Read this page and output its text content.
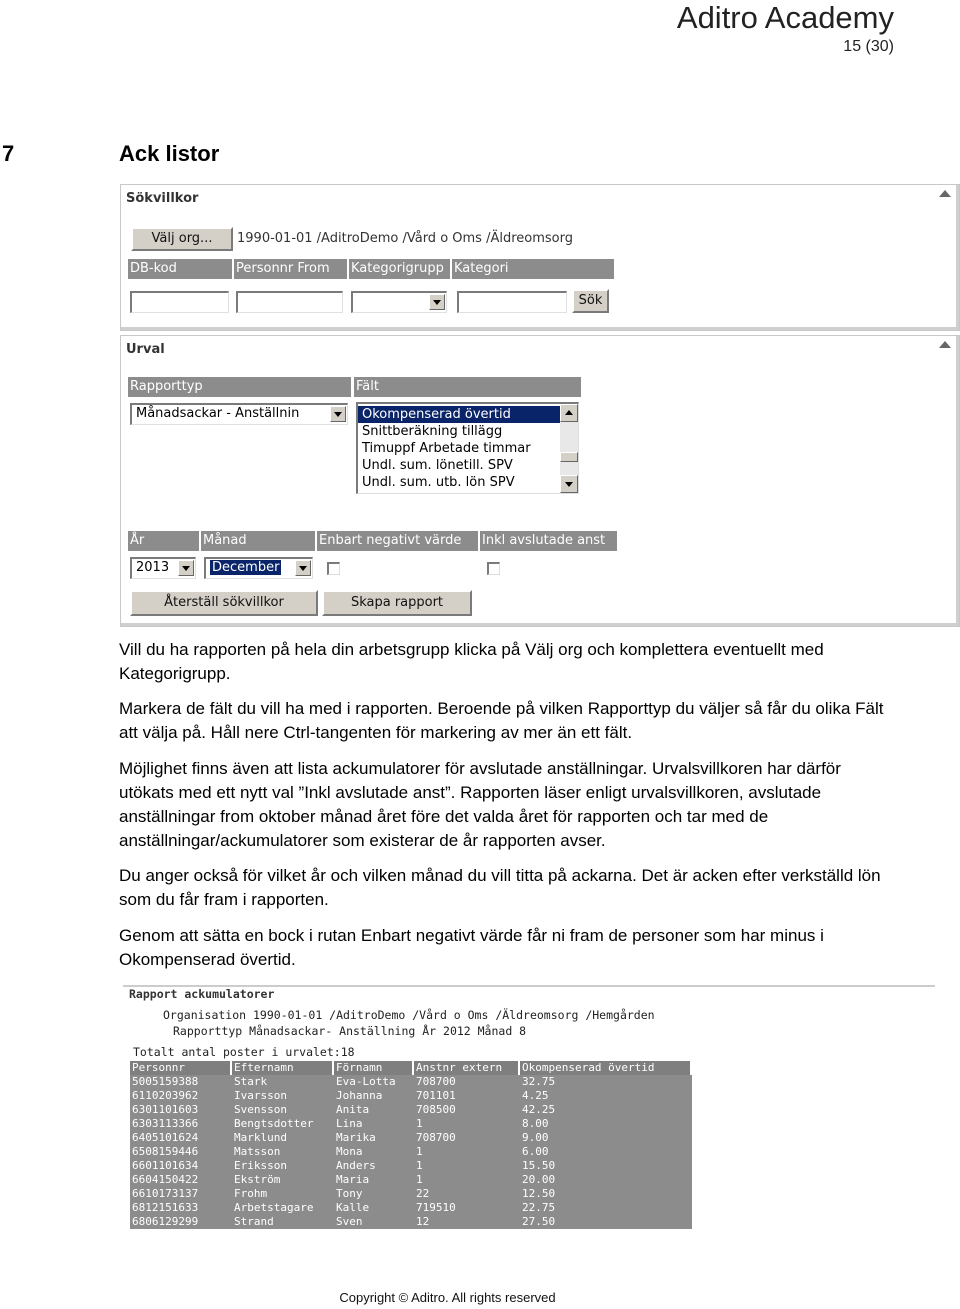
Aditro Academy
15 (30)
7	Ack listor
Sökvillkor
Välj org...	1990-01-01 /AditroDemo /Vård o Oms /Äldreomsorg
DB-kod	Personnr From	Kategorigrupp Kategori
Sök
Urval
Rapporttyp	Fält
Månadsackar - Anställnin	Okompenserad övertid
Snittberäkning tillägg
Timuppf Arbetade timmar
Undl. sum. lönetill. SPV
Undl. sum. utb. lön SPV
År	Månad	Enbart negativt värde	Inkl avslutade anst
2013	December
Återställ sökvillkor	Skapa rapport
Vill du ha rapporten på hela din arbetsgrupp klicka på Välj org och komplettera eventuellt med Kategorigrupp.
Markera de fält du vill ha med i rapporten. Beroende på vilken Rapporttyp du väljer så får du olika Fält att välja på. Håll nere Ctrl-tangenten för markering av mer än ett fält.
Möjlighet finns även att lista ackumulatorer för avslutade anställningar. Urvalsvillkoren har därför utökats med ett nytt val ”Inkl avslutade anst”. Rapporten läser enligt urvalsvillkoren, avslutade anställningar from oktober månad året före det valda året för rapporten och tar med de anställningar/ackumulatorer som existerar de år rapporten avser.
Du anger också för vilket år och vilken månad du vill titta på ackarna. Det är acken efter verkställd lön som du får fram i rapporten.
Genom att sätta en bock i rutan Enbart negativt värde får ni fram de personer som har minus i Okompenserad övertid.
Rapport ackumulatorer
Organisation 1990-01-01 /AditroDemo /Vård o Oms /Äldreomsorg /Hemgården
Rapporttyp Månadsackar- Anställning År 2012 Månad 8
Totalt antal poster i urvalet:18
Personnr	Efternamn	Förnamn	Anstnr extern	Okompenserad övertid
5005159388	Stark	Eva-Lotta	708700	32.75
6110203962	Ivarsson	Johanna	701101	4.25
6301101603	Svensson	Anita	708500	42.25
6303113366	Bengtsdotter	Lina	1	8.00
6405101624	Marklund	Marika	708700	9.00
6508159446	Matsson	Mona	1	6.00
6601101634	Eriksson	Anders	1	15.50
6604150422	Ekström	Maria	1	20.00
6610173137	Frohm	Tony	22	12.50
6812151633	Arbetstagare	Kalle	719510	22.75
6806129299	Strand	Sven	12	27.50
Copyright © Aditro. All rights reserved
